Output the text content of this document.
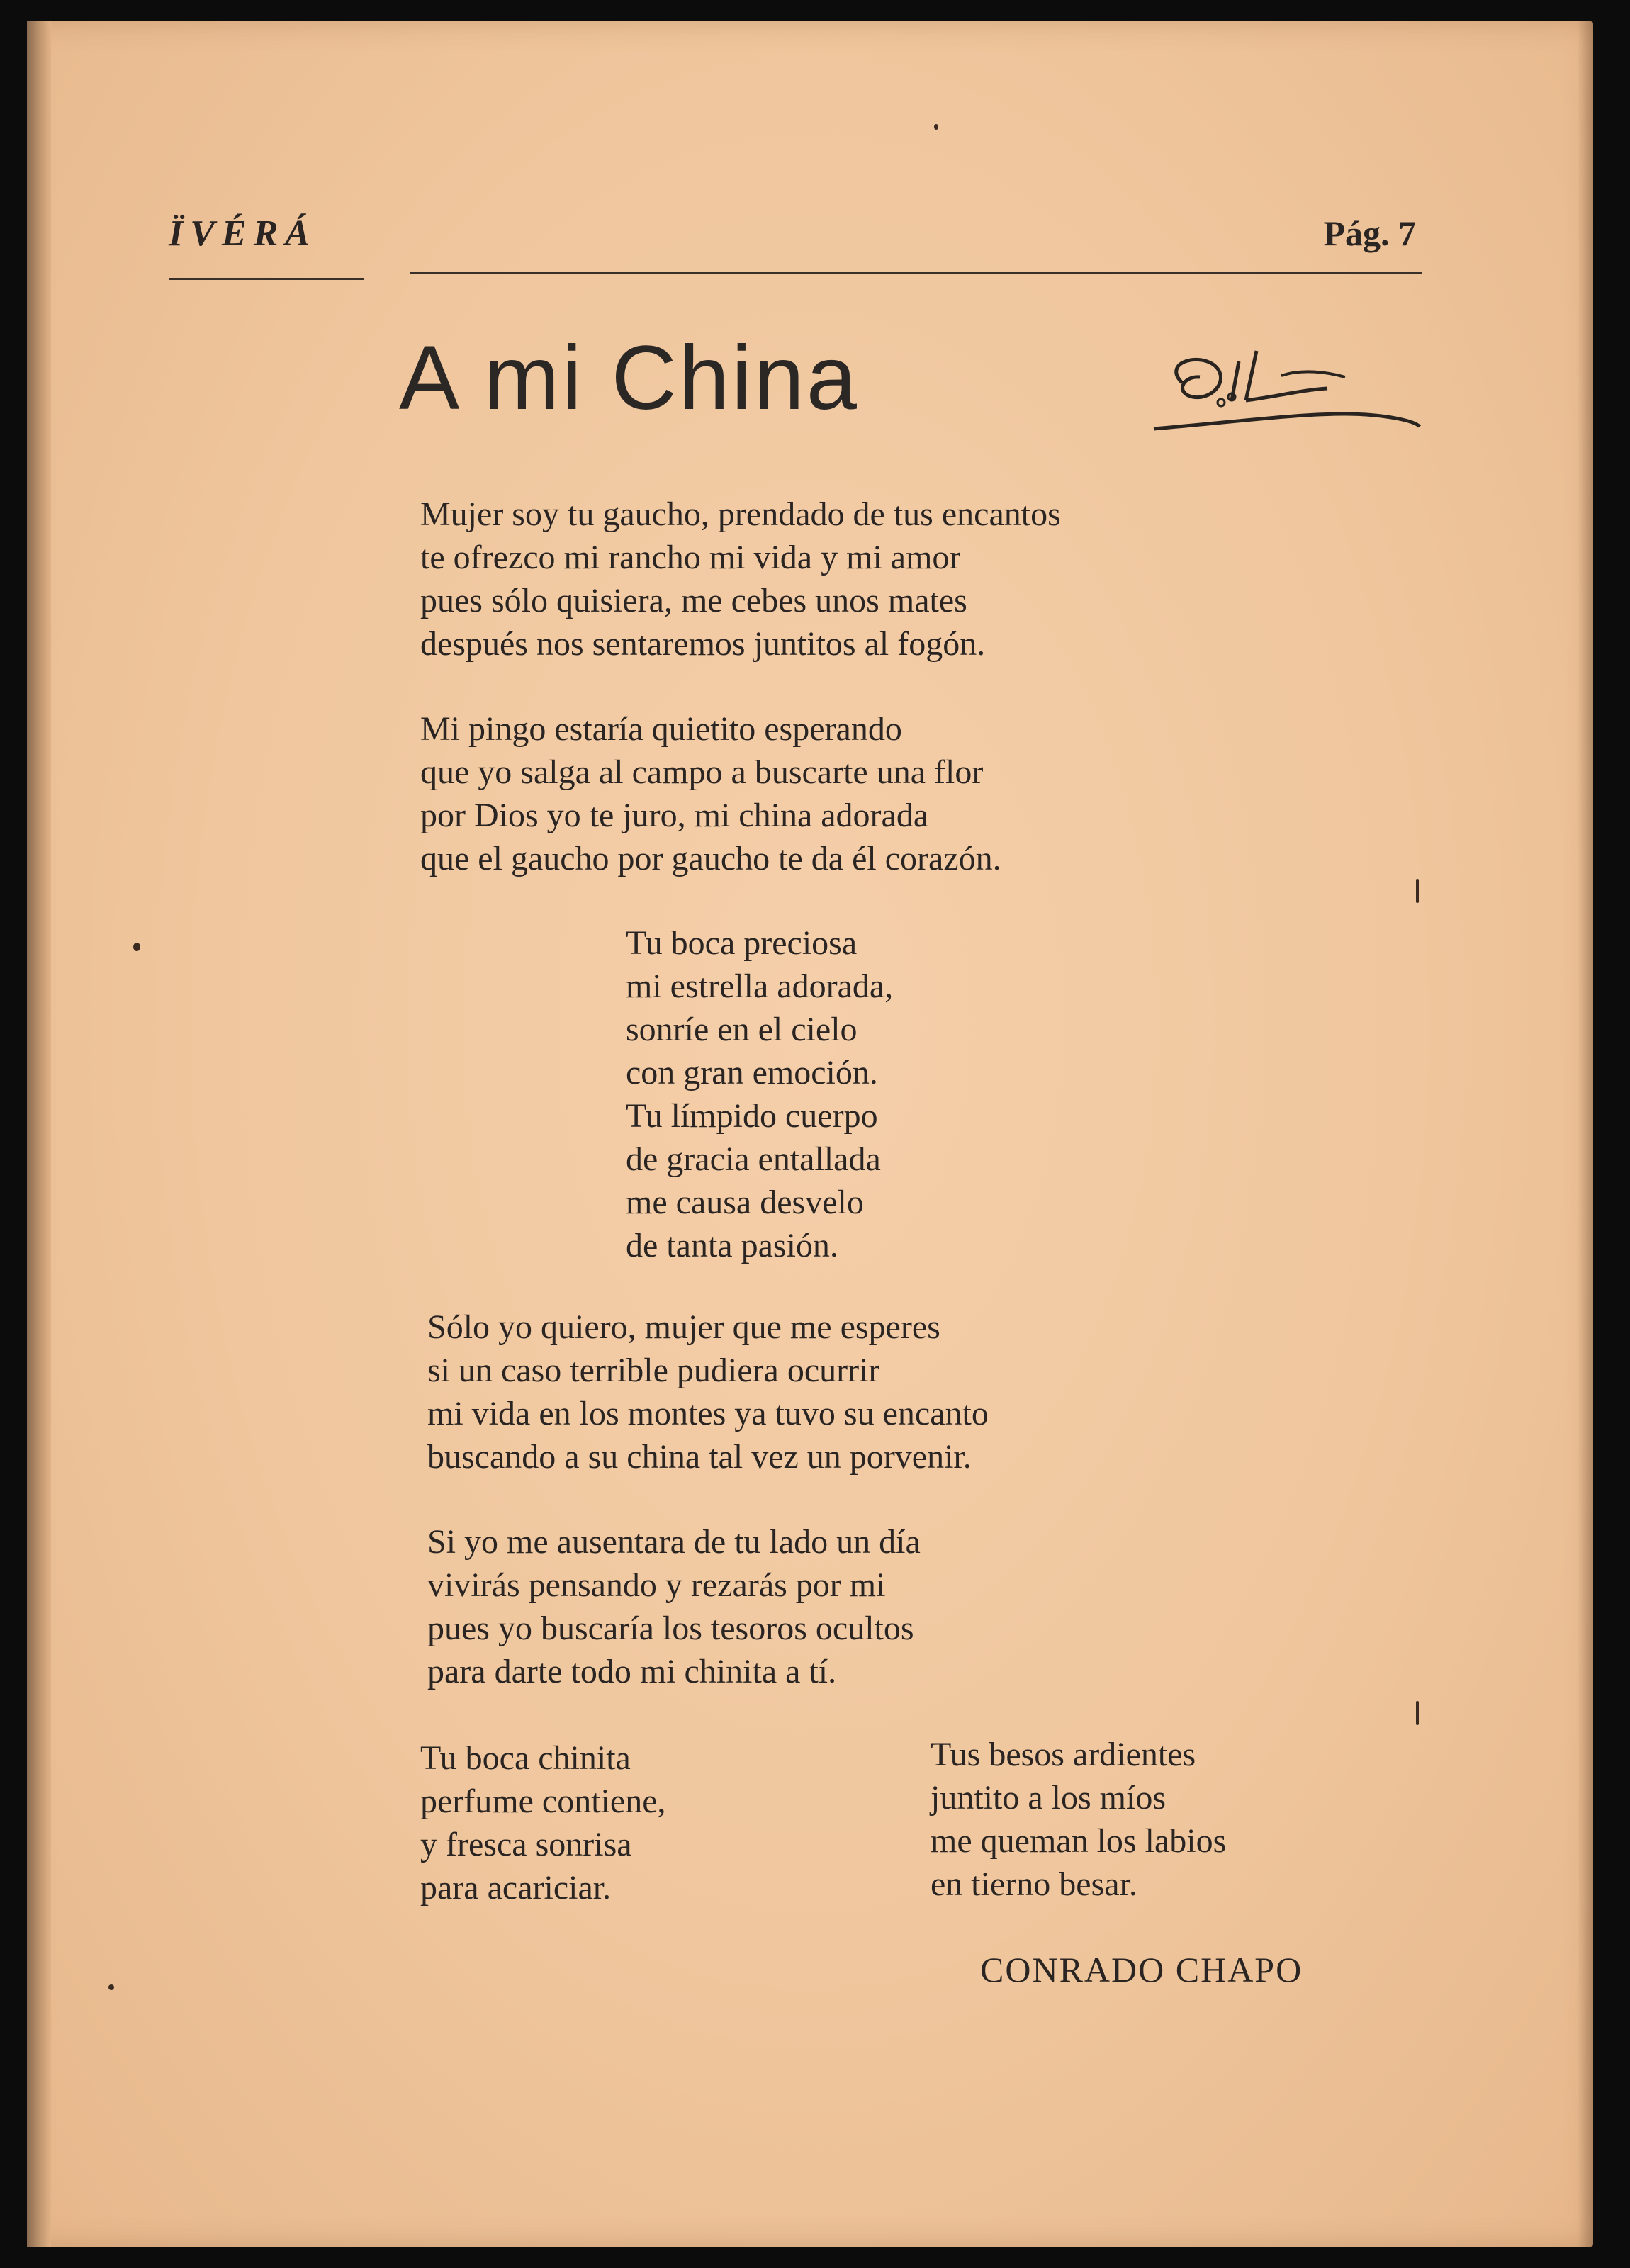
ÏVÉRÁ	Pág. 7
A mi China
Mujer soy tu gaucho, prendado de tus encantos
te ofrezco mi rancho mi vida y mi amor
pues sólo quisiera, me cebes unos mates
después nos sentaremos juntitos al fogón.
Mi pingo estaría quietito esperando
que yo salga al campo a buscarte una flor
por Dios yo te juro, mi china adorada
que el gaucho por gaucho te da él corazón.
Tu boca preciosa
mi estrella adorada,
sonríe en el cielo
con gran emoción.
Tu límpido cuerpo
de gracia entallada
me causa desvelo
de tanta pasión.
Sólo yo quiero, mujer que me esperes
si un caso terrible pudiera ocurrir
mi vida en los montes ya tuvo su encanto
buscando a su china tal vez un porvenir.
Si yo me ausentara de tu lado un día
vivirás pensando y rezarás por mi
pues yo buscaría los tesoros ocultos
para darte todo mi chinita a tí.
Tu boca chinita
perfume contiene,
y fresca sonrisa
para acariciar.
Tus besos ardientes
juntito a los míos
me queman los labios
en tierno besar.
CONRADO CHAPO
